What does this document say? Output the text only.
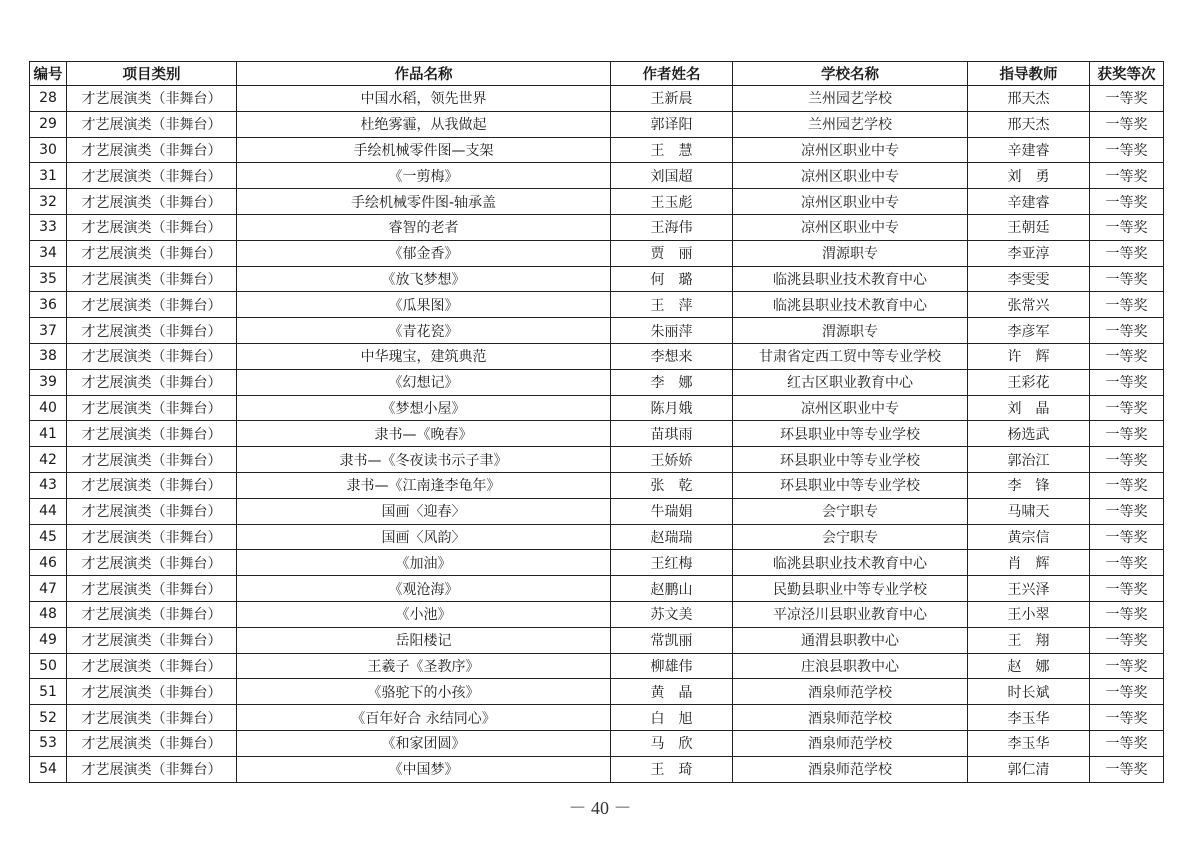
编号	项目类别	作品名称	作者姓名	学校名称	指导教师	获奖等次
28	才艺展演类（非舞台）	中国水稻，领先世界	王新晨	兰州园艺学校	邢天杰	一等奖
29	才艺展演类（非舞台）	杜绝雾霾，从我做起	郭译阳	兰州园艺学校	邢天杰	一等奖
30	才艺展演类（非舞台）	手绘机械零件图—支架	王　慧	凉州区职业中专	辛建睿	一等奖
31	才艺展演类（非舞台）	《一剪梅》	刘国超	凉州区职业中专	刘　勇	一等奖
32	才艺展演类（非舞台）	手绘机械零件图-轴承盖	王玉彪	凉州区职业中专	辛建睿	一等奖
33	才艺展演类（非舞台）	睿智的老者	王海伟	凉州区职业中专	王朝廷	一等奖
34	才艺展演类（非舞台）	《郁金香》	贾　丽	渭源职专	李亚淳	一等奖
35	才艺展演类（非舞台）	《放飞梦想》	何　璐	临洮县职业技术教育中心	李雯雯	一等奖
36	才艺展演类（非舞台）	《瓜果图》	王　萍	临洮县职业技术教育中心	张常兴	一等奖
37	才艺展演类（非舞台）	《青花瓷》	朱丽萍	渭源职专	李彦军	一等奖
38	才艺展演类（非舞台）	中华瑰宝，建筑典范	李想来	甘肃省定西工贸中等专业学校	许　辉	一等奖
39	才艺展演类（非舞台）	《幻想记》	李　娜	红古区职业教育中心	王彩花	一等奖
40	才艺展演类（非舞台）	《梦想小屋》	陈月娥	凉州区职业中专	刘　晶	一等奖
41	才艺展演类（非舞台）	隶书—《晚春》	苗琪雨	环县职业中等专业学校	杨选武	一等奖
42	才艺展演类（非舞台）	隶书—《冬夜读书示子聿》	王娇娇	环县职业中等专业学校	郭治江	一等奖
43	才艺展演类（非舞台）	隶书—《江南逢李龟年》	张　乾	环县职业中等专业学校	李　锋	一等奖
44	才艺展演类（非舞台）	国画〈迎春〉	牛瑞娟	会宁职专	马啸天	一等奖
45	才艺展演类（非舞台）	国画〈风韵〉	赵瑞瑞	会宁职专	黄宗信	一等奖
46	才艺展演类（非舞台）	《加油》	王红梅	临洮县职业技术教育中心	肖　辉	一等奖
47	才艺展演类（非舞台）	《观沧海》	赵鹏山	民勤县职业中等专业学校	王兴泽	一等奖
48	才艺展演类（非舞台）	《小池》	苏文美	平凉泾川县职业教育中心	王小翠	一等奖
49	才艺展演类（非舞台）	岳阳楼记	常凯丽	通渭县职教中心	王　翔	一等奖
50	才艺展演类（非舞台）	王羲子《圣教序》	柳雄伟	庄浪县职教中心	赵　娜	一等奖
51	才艺展演类（非舞台）	《骆驼下的小孩》	黄　晶	酒泉师范学校	时长斌	一等奖
52	才艺展演类（非舞台）	《百年好合 永结同心》	白　旭	酒泉师范学校	李玉华	一等奖
53	才艺展演类（非舞台）	《和家团圆》	马　欣	酒泉师范学校	李玉华	一等奖
54	才艺展演类（非舞台）	《中国梦》	王　琦	酒泉师范学校	郭仁清	一等奖
－ 40 －
